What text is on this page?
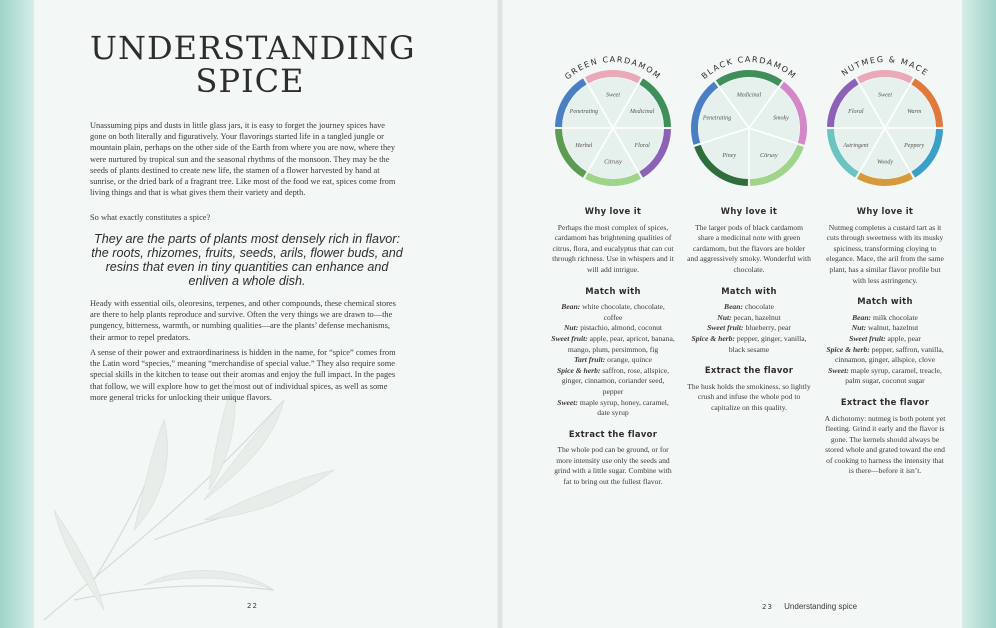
UNDERSTANDING
SPICE

Unassuming pips and dusts in little glass jars, it is easy to forget the journey spices have gone on both literally and figuratively. Your flavorings started life in a tangled jungle or mountain plain, perhaps on the other side of the Earth from where you are now, where they were nurtured by tropical sun and the seasonal rhythms of the monsoon. They may be the seeds of plants destined to create new life, the stamen of a flower harvested by hand at sunrise, or the dried bark of a fragrant tree. Like most of the food we eat, spices come from living things and that is what gives them their variety and depth.

So what exactly constitutes a spice?

They are the parts of plants most densely rich in flavor: the roots, rhizomes, fruits, seeds, arils, flower buds, and resins that even in tiny quantities can enhance and enliven a whole dish.

Heady with essential oils, oleoresins, terpenes, and other compounds, these chemical stores are there to help plants reproduce and survive. Often the very things we are drawn to—the pungency, bitterness, warmth, or numbing qualities—are the plants’ defense mechanisms, their armor to repel predators.

A sense of their power and extraordinariness is hidden in the name, for “spice” comes from the Latin word “species,” meaning “merchandise of special value.” They also require some special skills in the kitchen to tease out their aromas and enjoy the full impact. In the pages that follow, we will explore how to get the most out of individual spices, as well as some more general tricks for unlocking their unique flavors.

22
GREEN CARDAMOM
Sweet
Medicinal
Floral
Citrusy
Herbal
Penetrating
BLACK CARDAMOM
Medicinal
Smoky
Citrusy
Piney
Penetrating
NUTMEG & MACE
Sweet
Warm
Peppery
Woody
Astringent
Floral
Why love it

Perhaps the most complex of spices, cardamom has brightening qualities of citrus, flora, and eucalyptus that can cut through richness. Use in whispers and it will add intrigue.

Match with

Bean: white chocolate, chocolate, coffee
Nut: pistachio, almond, coconut
Sweet fruit: apple, pear, apricot, banana, mango, plum, persimmon, fig
Tart fruit: orange, quince
Spice & herb: saffron, rose, allspice, ginger, cinnamon, coriander seed, pepper
Sweet: maple syrup, honey, caramel, date syrup

Extract the flavor

The whole pod can be ground, or for more intensity use only the seeds and grind with a little sugar. Combine with fat to bring out the fullest flavor.

Why love it

The larger pods of black cardamom share a medicinal note with green cardamom, but the flavors are bolder and aggressively smoky. Wonderful with chocolate.

Match with

Bean: chocolate
Nut: pecan, hazelnut
Sweet fruit: blueberry, pear
Spice & herb: pepper, ginger, vanilla, black sesame

Extract the flavor

The husk holds the smokiness, so lightly crush and infuse the whole pod to capitalize on this quality.

Why love it

Nutmeg completes a custard tart as it cuts through sweetness with its musky spiciness, transforming cloying to elegance. Mace, the aril from the same plant, has a similar flavor profile but with less astringency.

Match with

Bean: milk chocolate
Nut: walnut, hazelnut
Sweet fruit: apple, pear
Spice & herb: pepper, saffron, vanilla, cinnamon, ginger, allspice, clove
Sweet: maple syrup, caramel, treacle, palm sugar, coconut sugar

Extract the flavor

A dichotomy: nutmeg is both potent yet fleeting. Grind it early and the flavor is gone. The kernels should always be stored whole and grated toward the end of cooking to harness the intensity that is there—before it isn’t.

23 Understanding spice
